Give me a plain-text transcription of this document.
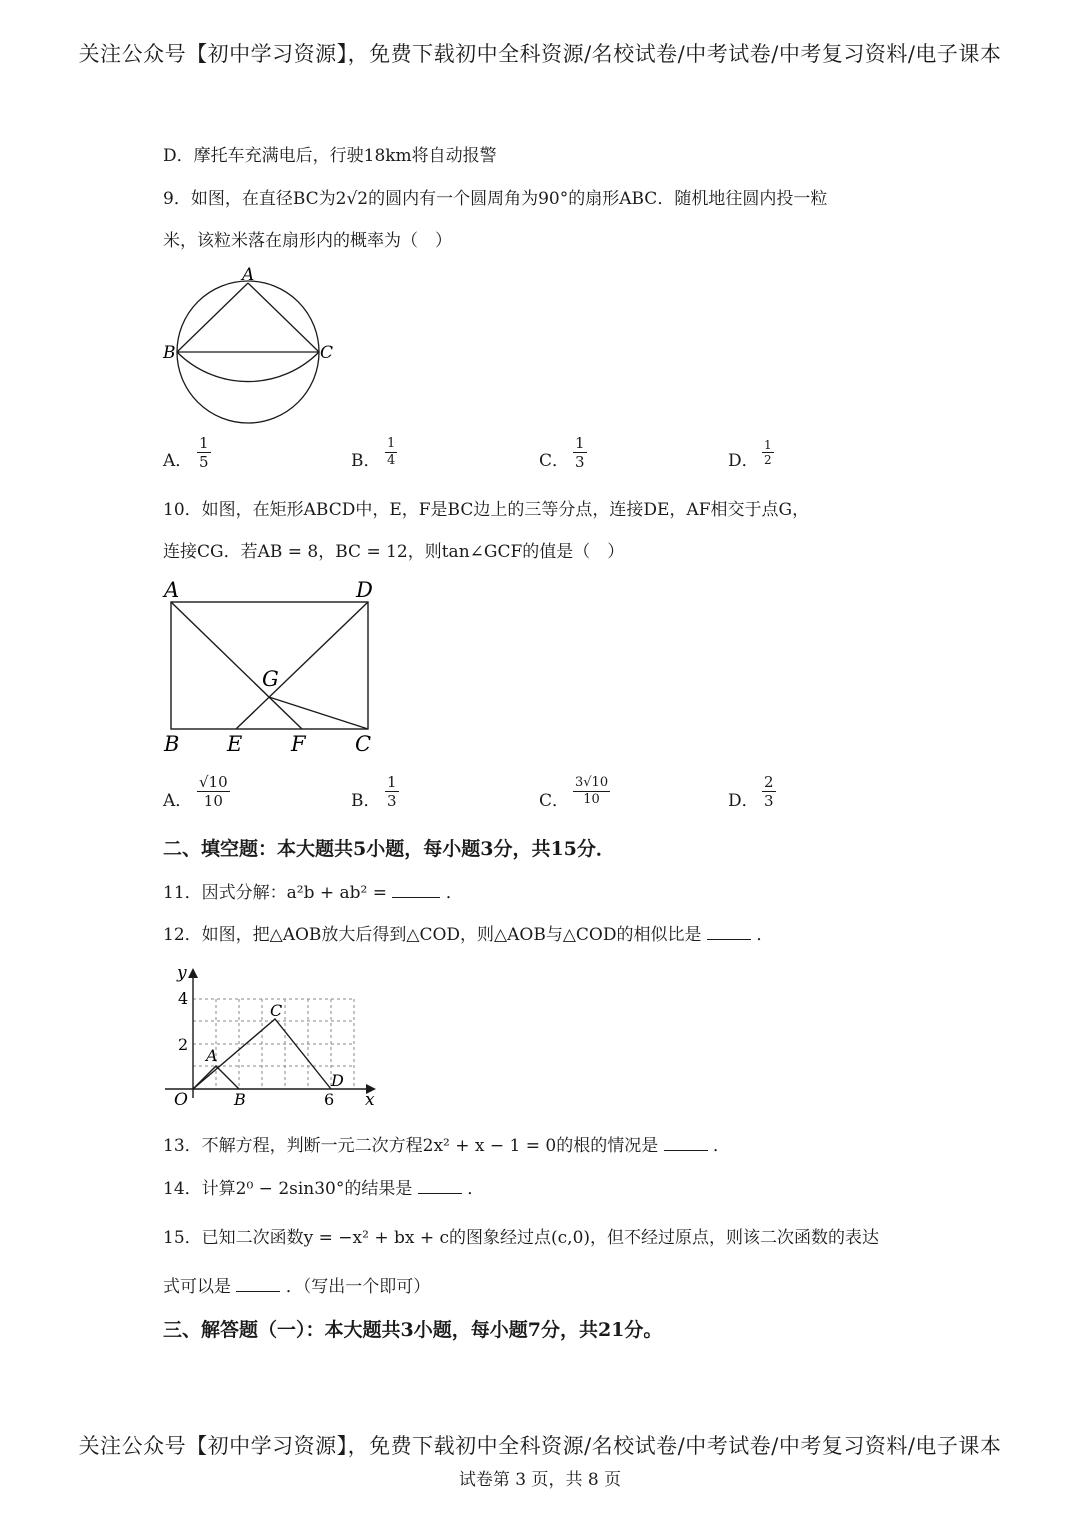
关注公众号【初中学习资源】，免费下载初中全科资源/名校试卷/中考试卷/中考复习资料/电子课本
D．摩托车充满电后，行驶18km将自动报警
9．如图，在直径BC为2√2的圆内有一个圆周角为90°的扇形ABC．随机地往圆内投一粒
米，该粒米落在扇形内的概率为（　）
A
B	C
A． $\frac{1}{5}$	B． $\frac{1}{4}$	C． $\frac{1}{3}$	D． $\frac{1}{2}$
10．如图，在矩形ABCD中，E，F是BC边上的三等分点，连接DE，AF相交于点G，
连接CG．若AB = 8，BC = 12，则tan∠GCF的值是（　）
A	D
G
B E F C
A． $\frac{√10}{10}$	B． $\frac{1}{3}$	C． $\frac{3√10}{10}$	D． $\frac{2}{3}$
二、填空题：本大题共5小题，每小题3分，共15分．
11．因式分解：a²b + ab² =	．
12．如图，把△AOB放大后得到△COD，则△AOB与△COD的相似比是	．
y
4
2
A
C
D
O	B	6 x
13．不解方程，判断一元二次方程2x² + x − 1 = 0的根的情况是	．
14．计算2⁰ − 2sin30°的结果是	．
15．已知二次函数y = −x² + bx + c的图象经过点(c,0)，但不经过原点，则该二次函数的表达
式可以是	．（写出一个即可）
三、解答题（一）：本大题共3小题，每小题7分，共21分。
关注公众号【初中学习资源】，免费下载初中全科资源/名校试卷/中考试卷/中考复习资料/电子课本
试卷第 3 页，共 8 页
